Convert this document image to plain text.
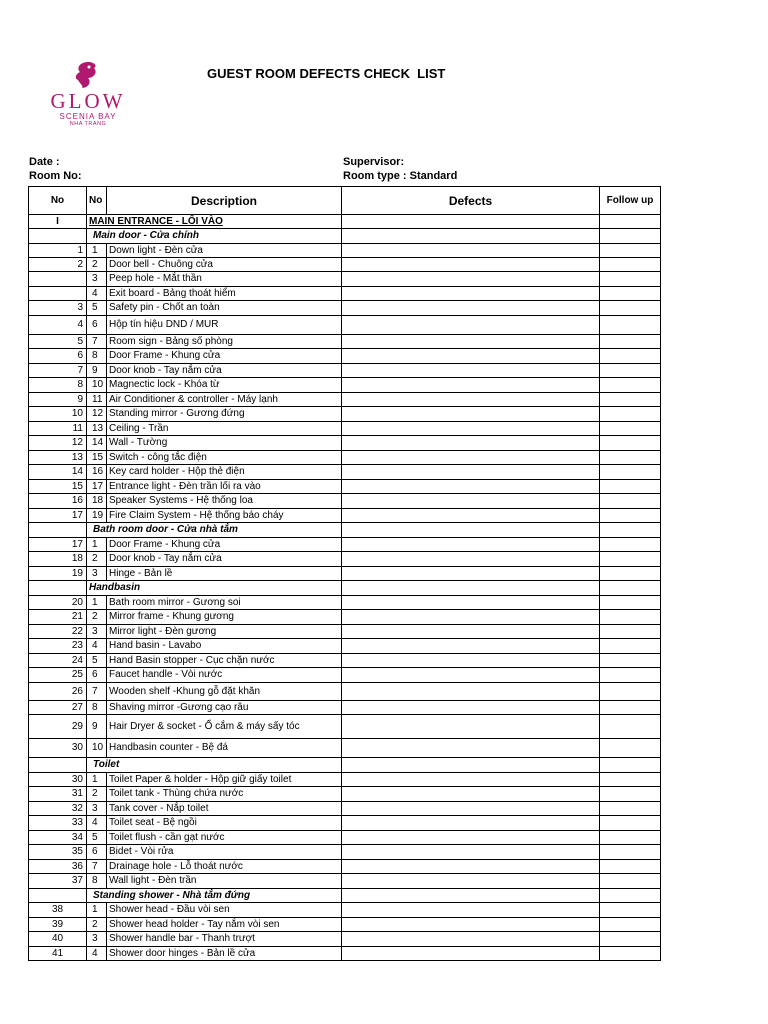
GLOW
SCENIA BAY
NHA TRANG
GUEST ROOM DEFECTS CHECK  LIST
Date :
Room No:
Supervisor:
Room type : Standard
No	No	Description	Defects	Follow up
I	MAIN ENTRANCE - LỐI VÀO			
	Main door - Cửa chính			
1	1	Down light - Đèn cửa		
2	2	Door bell - Chuông cửa		
	3	Peep hole - Mắt thần		
	4	Exit board - Bảng thoát hiểm		
3	5	Safety pin - Chốt an toàn		
4	6	Hộp tín hiệu DND / MUR		
5	7	Room sign - Bảng số phòng		
6	8	Door Frame - Khung cửa		
7	9	Door knob - Tay nắm cửa		
8	10	Magnectic lock - Khóa từ		
9	11	Air Conditioner & controller - Máy lạnh		
10	12	Standing mirror - Gương đứng		
11	13	Ceiling - Trần		
12	14	Wall - Tường		
13	15	Switch - công tắc điện		
14	16	Key card holder - Hộp thẻ điện		
15	17	Entrance light - Đèn trần lối ra vào		
16	18	Speaker Systems - Hệ thống loa		
17	19	Fire Claim System - Hệ thống báo cháy		
	Bath room door - Cửa nhà tắm			
17	1	Door Frame - Khung cửa		
18	2	Door knob - Tay nắm cửa		
19	3	Hinge - Bản lề		
	Handbasin			
20	1	Bath room mirror - Gương soi		
21	2	Mirror frame - Khung gương		
22	3	Mirror light - Đèn gương		
23	4	Hand basin - Lavabo		
24	5	Hand Basin stopper - Cục chặn nước		
25	6	Faucet handle - Vòi nước		
26	7	Wooden shelf -Khung gỗ đặt khăn		
27	8	Shaving mirror -Gương cạo râu		
29	9	Hair Dryer & socket - Ổ cắm & máy sấy tóc		
30	10	Handbasin counter - Bệ đá		
	Toilet			
30	1	Toilet Paper & holder - Hộp giữ giấy toilet		
31	2	Toilet tank - Thùng chứa nước		
32	3	Tank cover - Nắp toilet		
33	4	Toilet seat - Bệ ngồi		
34	5	Toilet flush - cần gạt nước		
35	6	Bidet - Vòi rửa		
36	7	Drainage hole - Lỗ thoát nước		
37	8	Wall light - Đèn trần		
	Standing shower - Nhà tắm đứng			
38	1	Shower head - Đầu vòi sen		
39	2	Shower head holder - Tay nắm vòi sen		
40	3	Shower handle bar - Thanh trượt		
41	4	Shower door hinges - Bản lề cửa		
